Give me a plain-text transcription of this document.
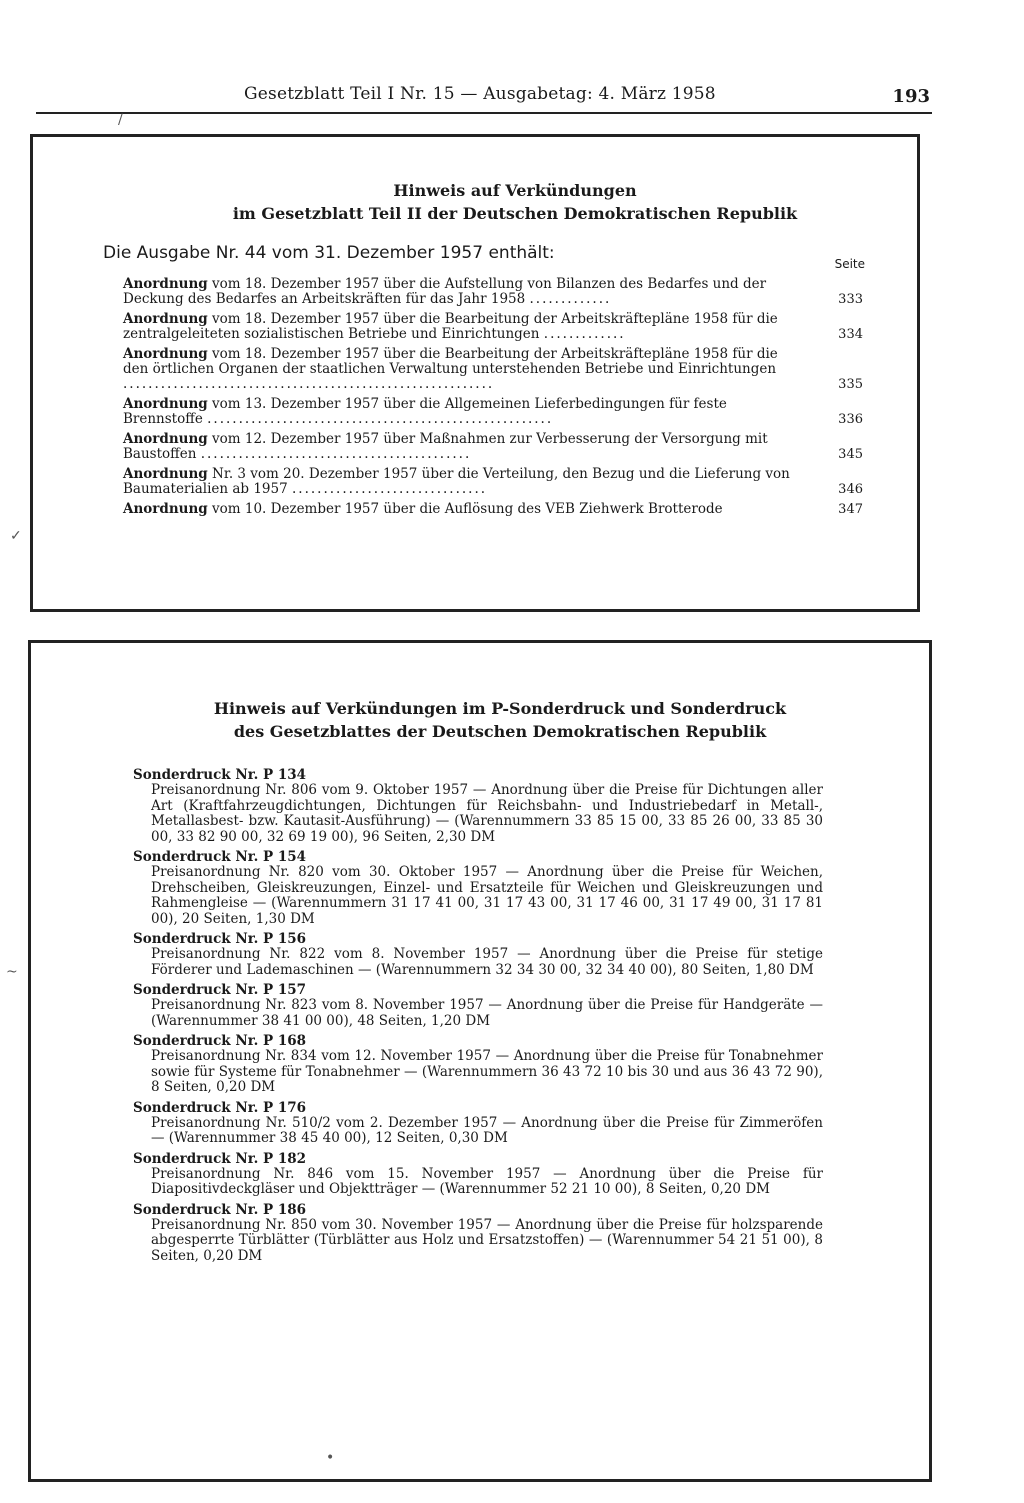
Gesetzblatt Teil I Nr. 15 — Ausgabetag: 4. März 1958	193
Hinweis auf Verkündungen
im Gesetzblatt Teil II der Deutschen Demokratischen Republik
Die Ausgabe Nr. 44 vom 31. Dezember 1957 enthält:
Seite
Anordnung vom 18. Dezember 1957 über die Aufstellung von Bilanzen des Bedarfes und der Deckung des Bedarfes an Arbeitskräften für das Jahr 1958 .............	333
Anordnung vom 18. Dezember 1957 über die Bearbeitung der Arbeitskräftepläne 1958 für die zentralgeleiteten sozialistischen Betriebe und Einrichtungen .............	334
Anordnung vom 18. Dezember 1957 über die Bearbeitung der Arbeitskräftepläne 1958 für die den örtlichen Organen der staatlichen Verwaltung unterstehenden Betriebe und Einrichtungen ...........................................................	335
Anordnung vom 13. Dezember 1957 über die Allgemeinen Lieferbedingungen für feste Brennstoffe .......................................................	336
Anordnung vom 12. Dezember 1957 über Maßnahmen zur Verbesserung der Versorgung mit Baustoffen ...........................................	345
Anordnung Nr. 3 vom 20. Dezember 1957 über die Verteilung, den Bezug und die Lieferung von Baumaterialien ab 1957 ...............................	346
Anordnung vom 10. Dezember 1957 über die Auflösung des VEB Ziehwerk Brotterode	347
Hinweis auf Verkündungen im P-Sonderdruck und Sonderdruck
des Gesetzblattes der Deutschen Demokratischen Republik
Sonderdruck Nr. P 134
Preisanordnung Nr. 806 vom 9. Oktober 1957 — Anordnung über die Preise für Dichtungen aller Art (Kraftfahrzeugdichtungen, Dichtungen für Reichsbahn- und Industriebedarf in Metall-, Metallasbest- bzw. Kautasit-Ausführung) — (Warennummern 33 85 15 00, 33 85 26 00, 33 85 30 00, 33 82 90 00, 32 69 19 00), 96 Seiten, 2,30 DM
Sonderdruck Nr. P 154
Preisanordnung Nr. 820 vom 30. Oktober 1957 — Anordnung über die Preise für Weichen, Drehscheiben, Gleiskreuzungen, Einzel- und Ersatzteile für Weichen und Gleiskreuzungen und Rahmengleise — (Warennummern 31 17 41 00, 31 17 43 00, 31 17 46 00, 31 17 49 00, 31 17 81 00), 20 Seiten, 1,30 DM
Sonderdruck Nr. P 156
Preisanordnung Nr. 822 vom 8. November 1957 — Anordnung über die Preise für stetige Förderer und Lademaschinen — (Warennummern 32 34 30 00, 32 34 40 00), 80 Seiten, 1,80 DM
Sonderdruck Nr. P 157
Preisanordnung Nr. 823 vom 8. November 1957 — Anordnung über die Preise für Handgeräte — (Warennummer 38 41 00 00), 48 Seiten, 1,20 DM
Sonderdruck Nr. P 168
Preisanordnung Nr. 834 vom 12. November 1957 — Anordnung über die Preise für Tonabnehmer sowie für Systeme für Tonabnehmer — (Warennummern 36 43 72 10 bis 30 und aus 36 43 72 90), 8 Seiten, 0,20 DM
Sonderdruck Nr. P 176
Preisanordnung Nr. 510/2 vom 2. Dezember 1957 — Anordnung über die Preise für Zimmeröfen — (Warennummer 38 45 40 00), 12 Seiten, 0,30 DM
Sonderdruck Nr. P 182
Preisanordnung Nr. 846 vom 15. November 1957 — Anordnung über die Preise für Diapositivdeckgläser und Objektträger — (Warennummer 52 21 10 00), 8 Seiten, 0,20 DM
Sonderdruck Nr. P 186
Preisanordnung Nr. 850 vom 30. November 1957 — Anordnung über die Preise für holzsparende abgesperrte Türblätter (Türblätter aus Holz und Ersatzstoffen) — (Warennummer 54 21 51 00), 8 Seiten, 0,20 DM
/
✓
~
•
